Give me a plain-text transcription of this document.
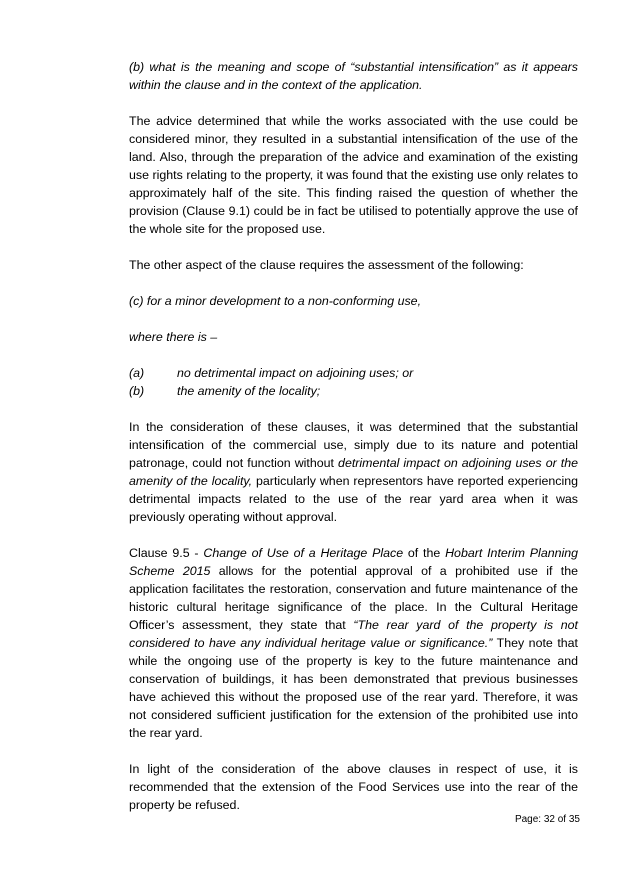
(b) what is the meaning and scope of “substantial intensification” as it appears within the clause and in the context of the application.

The advice determined that while the works associated with the use could be considered minor, they resulted in a substantial intensification of the use of the land. Also, through the preparation of the advice and examination of the existing use rights relating to the property, it was found that the existing use only relates to approximately half of the site. This finding raised the question of whether the provision (Clause 9.1) could be in fact be utilised to potentially approve the use of the whole site for the proposed use.

The other aspect of the clause requires the assessment of the following:

(c) for a minor development to a non-conforming use,

where there is –

(a)	no detrimental impact on adjoining uses; or
(b)	the amenity of the locality;

In the consideration of these clauses, it was determined that the substantial intensification of the commercial use, simply due to its nature and potential patronage, could not function without detrimental impact on adjoining uses or the amenity of the locality, particularly when representors have reported experiencing detrimental impacts related to the use of the rear yard area when it was previously operating without approval.

Clause 9.5 - Change of Use of a Heritage Place of the Hobart Interim Planning Scheme 2015 allows for the potential approval of a prohibited use if the application facilitates the restoration, conservation and future maintenance of the historic cultural heritage significance of the place. In the Cultural Heritage Officer’s assessment, they state that “The rear yard of the property is not considered to have any individual heritage value or significance.” They note that while the ongoing use of the property is key to the future maintenance and conservation of buildings, it has been demonstrated that previous businesses have achieved this without the proposed use of the rear yard. Therefore, it was not considered sufficient justification for the extension of the prohibited use into the rear yard.

In light of the consideration of the above clauses in respect of use, it is recommended that the extension of the Food Services use into the rear of the property be refused.

Page: 32 of 35
